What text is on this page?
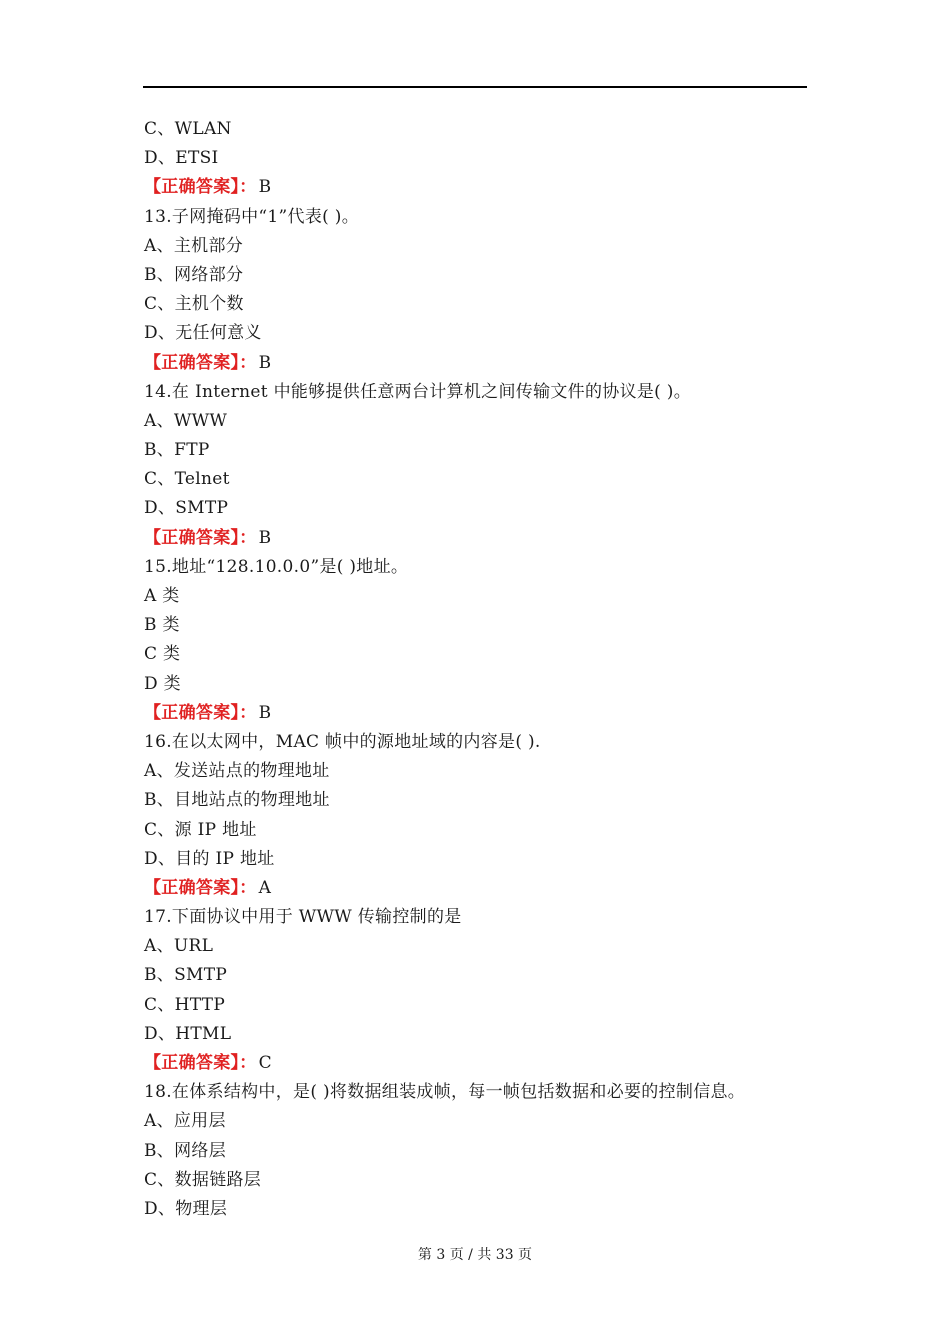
C、WLAN
D、ETSI
【正确答案】： B
13.子网掩码中“1”代表( )。
A、主机部分
B、网络部分
C、主机个数
D、无任何意义
【正确答案】： B
14.在 Internet 中能够提供任意两台计算机之间传输文件的协议是( )。
A、WWW
B、FTP
C、Telnet
D、SMTP
【正确答案】： B
15.地址“128.10.0.0”是( )地址。
A 类
B 类
C 类
D 类
【正确答案】： B
16.在以太网中，MAC 帧中的源地址域的内容是( ).
A、发送站点的物理地址
B、目地站点的物理地址
C、源 IP 地址
D、目的 IP 地址
【正确答案】： A
17.下面协议中用于 WWW 传输控制的是
A、URL
B、SMTP
C、HTTP
D、HTML
【正确答案】： C
18.在体系结构中，是( )将数据组装成帧，每一帧包括数据和必要的控制信息。
A、应用层
B、网络层
C、数据链路层
D、物理层
第 3 页 / 共 33 页
